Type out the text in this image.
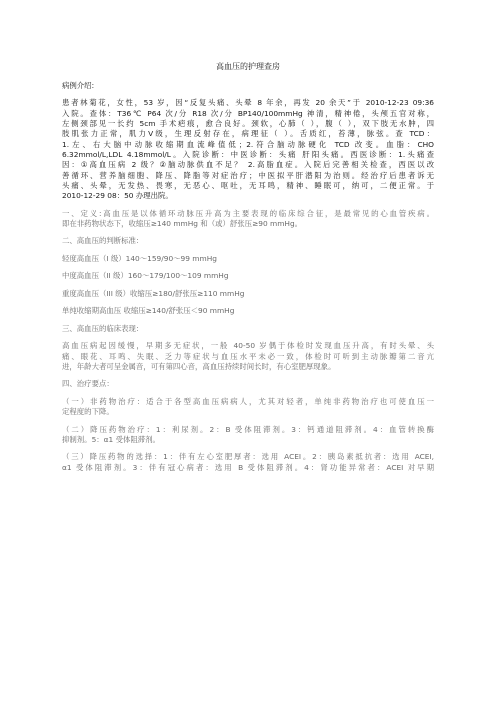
高血压的护理查房
病例介绍:
患者林菊花，女性，53 岁，因“反复头痛、头晕 8 年余，再发 20 余天”于 2010-12-23 09:36
入院。查体：T36℃ P64 次/分 R18 次/分 BP140/100mmHg 神清，精神倦，头颅五官对称，
左侧颈部见一长约 5cm 手术疤痕，愈合良好。颈软，心肺（ ），腹（ ），双下肢无水肿，四
肢肌张力正常，肌力Ⅴ级，生理反射存在，病理征（ ）。舌质红，苔薄，脉弦。查 TCD：
1.左、右大脑中动脉收缩期血流峰值低；2.符合脑动脉硬化 TCD 改变。血脂：CHO
6.32mmol/L,LDL 4.18mmol/L。入院诊断：中医诊断：头痛 肝阳头痛。西医诊断：1.头痛查
因：①高血压病 2 级？②脑动脉供血不足？ 2.高脂血症。入院后完善相关检查，西医以改
善循环、营养脑细胞、降压、降脂等对症治疗；中医拟平肝潜阳为治则。经治疗后患者诉无
头痛、头晕，无发热、畏寒，无恶心、呕吐，无耳鸣，精神、睡眠可，纳可，二便正常。于
2010-12-29 08：50 办理出院。
一、定义:高血压是以体循环动脉压升高为主要表现的临床综合征，是最常见的心血管疾病。
即在非药物状态下，收缩压≥140 mmHg 和（或）舒张压≥90 mmHg。
二、高血压的判断标准：
轻度高血压（I 级）140～159/90～99 mmHg
中度高血压（II 级）160～179/100～109 mmHg
重度高血压（III 级）收缩压≥180/舒张压≥110 mmHg
单纯收缩期高血压 收缩压≥140/舒张压＜90 mmHg
三、高血压的临床表现：
高血压病起因缓慢，早期多无症状，一般 40-50 岁偶于体检时发现血压升高，有时头晕、头
痛、眼花、耳鸣、失眠、乏力等症状与血压水平未必一致，体检时可听到主动脉瓣第二音亢
进，年龄大者可呈金属音，可有第四心音，高血压持续时间长时，有心室肥厚现象。
四、治疗要点：
（一）非药物治疗：适合于各型高血压病病人，尤其对轻者，单纯非药物治疗也可使血压一
定程度的下降。
（二）降压药物治疗：1：利尿剂。2：B 受体阻滞剂。3：钙通道阻滞剂。4：血管转换酶
抑制剂。5：α1 受体阻滞剂。
（三）降压药物的选择：1：伴有左心室肥厚者：选用 ACEI。2：胰岛素抵抗者：选用 ACEI,
α1 受体阻滞剂。3：伴有冠心病者：选用 B 受体阻滞剂。4：肾功能异常者：ACEI 对早期
